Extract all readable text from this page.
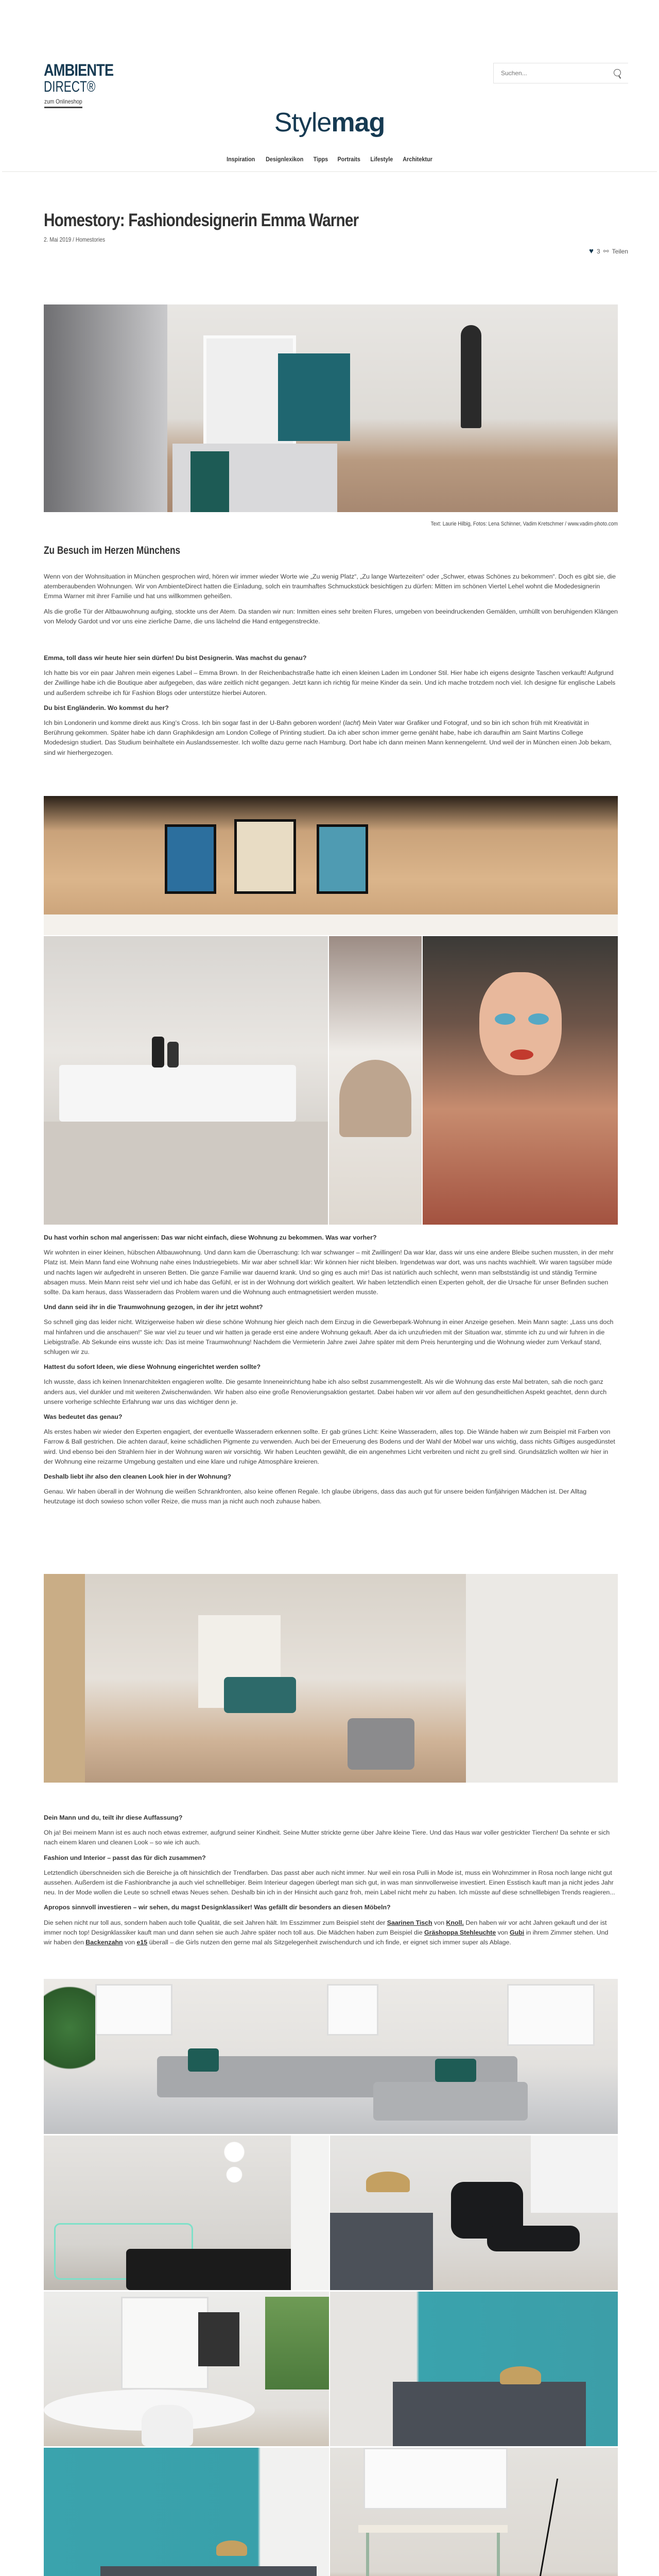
AMBIENTE
DIRECT®
zum Onlineshop
Suchen...
Stylemag
Inspiration Designlexikon Tipps Portraits Lifestyle Architektur
Homestory: Fashiondesignerin Emma Warner
2. Mai 2019 / Homestories
♥ 3 ⚯ Teilen
Text: Laurie Hilbig, Fotos: Lena Schinner, Vadim Kretschmer / www.vadim-photo.com
Zu Besuch im Herzen Münchens

Wenn von der Wohnsituation in München gesprochen wird, hören wir immer wieder Worte wie „Zu wenig Platz“, „Zu lange Wartezeiten“ oder „Schwer, etwas Schönes zu bekommen“. Doch es gibt sie, die atemberaubenden Wohnungen. Wir von AmbienteDirect hatten die Einladung, solch ein traumhaftes Schmuckstück besichtigen zu dürfen: Mitten im schönen Viertel Lehel wohnt die Modedesignerin Emma Warner mit ihrer Familie und hat uns willkommen geheißen.

Als die große Tür der Altbauwohnung aufging, stockte uns der Atem. Da standen wir nun: Inmitten eines sehr breiten Flures, umgeben von beeindruckenden Gemälden, umhüllt von beruhigenden Klängen von Melody Gardot und vor uns eine zierliche Dame, die uns lächelnd die Hand entgegenstreckte.

Emma, toll dass wir heute hier sein dürfen! Du bist Designerin. Was machst du genau?

Ich hatte bis vor ein paar Jahren mein eigenes Label – Emma Brown. In der Reichenbachstraße hatte ich einen kleinen Laden im Londoner Stil. Hier habe ich eigens designte Taschen verkauft! Aufgrund der Zwillinge habe ich die Boutique aber aufgegeben, das wäre zeitlich nicht gegangen. Jetzt kann ich richtig für meine Kinder da sein. Und ich mache trotzdem noch viel. Ich designe für englische Labels und außerdem schreibe ich für Fashion Blogs oder unterstütze hierbei Autoren.

Du bist Engländerin. Wo kommst du her?

Ich bin Londonerin und komme direkt aus King’s Cross. Ich bin sogar fast in der U-Bahn geboren worden! (lacht) Mein Vater war Grafiker und Fotograf, und so bin ich schon früh mit Kreativität in Berührung gekommen. Später habe ich dann Graphikdesign am London College of Printing studiert. Da ich aber schon immer gerne genäht habe, habe ich daraufhin am Saint Martins College Modedesign studiert. Das Studium beinhaltete ein Auslandssemester. Ich wollte dazu gerne nach Hamburg. Dort habe ich dann meinen Mann kennengelernt. Und weil der in München einen Job bekam, sind wir hierhergezogen.

Du hast vorhin schon mal angerissen: Das war nicht einfach, diese Wohnung zu bekommen. Was war vorher?

Wir wohnten in einer kleinen, hübschen Altbauwohnung. Und dann kam die Überraschung: Ich war schwanger – mit Zwillingen! Da war klar, dass wir uns eine andere Bleibe suchen mussten, in der mehr Platz ist. Mein Mann fand eine Wohnung nahe eines Industriegebiets. Mir war aber schnell klar: Wir können hier nicht bleiben. Irgendetwas war dort, was uns nachts wachhielt. Wir waren tagsüber müde und nachts lagen wir aufgedreht in unseren Betten. Die ganze Familie war dauernd krank. Und so ging es auch mir! Das ist natürlich auch schlecht, wenn man selbstständig ist und ständig Termine absagen muss. Mein Mann reist sehr viel und ich habe das Gefühl, er ist in der Wohnung dort wirklich gealtert. Wir haben letztendlich einen Experten geholt, der die Ursache für unser Befinden suchen sollte. Da kam heraus, dass Wasseradern das Problem waren und die Wohnung auch entmagnetisiert werden musste.

Und dann seid ihr in die Traumwohnung gezogen, in der ihr jetzt wohnt?

So schnell ging das leider nicht. Witzigerweise haben wir diese schöne Wohnung hier gleich nach dem Einzug in die Gewerbepark-Wohnung in einer Anzeige gesehen. Mein Mann sagte: „Lass uns doch mal hinfahren und die anschauen!“ Sie war viel zu teuer und wir hatten ja gerade erst eine andere Wohnung gekauft. Aber da ich unzufrieden mit der Situation war, stimmte ich zu und wir fuhren in die Liebigstraße. Ab Sekunde eins wusste ich: Das ist meine Traumwohnung! Nachdem die Vermieterin Jahre zwei Jahre später mit dem Preis herunterging und die Wohnung wieder zum Verkauf stand, schlugen wir zu.

Hattest du sofort Ideen, wie diese Wohnung eingerichtet werden sollte?

Ich wusste, dass ich keinen Innenarchitekten engagieren wollte. Die gesamte Inneneinrichtung habe ich also selbst zusammengestellt. Als wir die Wohnung das erste Mal betraten, sah die noch ganz anders aus, viel dunkler und mit weiteren Zwischenwänden. Wir haben also eine große Renovierungsaktion gestartet. Dabei haben wir vor allem auf den gesundheitlichen Aspekt geachtet, denn durch unsere vorherige schlechte Erfahrung war uns das wichtiger denn je.

Was bedeutet das genau?

Als erstes haben wir wieder den Experten engagiert, der eventuelle Wasseradern erkennen sollte. Er gab grünes Licht: Keine Wasseradern, alles top. Die Wände haben wir zum Beispiel mit Farben von Farrow & Ball gestrichen. Die achten darauf, keine schädlichen Pigmente zu verwenden. Auch bei der Erneuerung des Bodens und der Wahl der Möbel war uns wichtig, dass nichts Giftiges ausgedünstet wird. Und ebenso bei den Strahlern hier in der Wohnung waren wir vorsichtig. Wir haben Leuchten gewählt, die ein angenehmes Licht verbreiten und nicht zu grell sind. Grundsätzlich wollten wir hier in der Wohnung eine reizarme Umgebung gestalten und eine klare und ruhige Atmosphäre kreieren.

Deshalb liebt ihr also den cleanen Look hier in der Wohnung?

Genau. Wir haben überall in der Wohnung die weißen Schrankfronten, also keine offenen Regale. Ich glaube übrigens, dass das auch gut für unsere beiden fünfjährigen Mädchen ist. Der Alltag heutzutage ist doch sowieso schon voller Reize, die muss man ja nicht auch noch zuhause haben.

Dein Mann und du, teilt ihr diese Auffassung?

Oh ja! Bei meinem Mann ist es auch noch etwas extremer, aufgrund seiner Kindheit. Seine Mutter strickte gerne über Jahre kleine Tiere. Und das Haus war voller gestrickter Tierchen! Da sehnte er sich nach einem klaren und cleanen Look – so wie ich auch.

Fashion und Interior – passt das für dich zusammen?

Letztendlich überschneiden sich die Bereiche ja oft hinsichtlich der Trendfarben. Das passt aber auch nicht immer. Nur weil ein rosa Pulli in Mode ist, muss ein Wohnzimmer in Rosa noch lange nicht gut aussehen. Außerdem ist die Fashionbranche ja auch viel schnelllebiger. Beim Interieur dagegen überlegt man sich gut, in was man sinnvollerweise investiert. Einen Esstisch kauft man ja nicht jedes Jahr neu. In der Mode wollen die Leute so schnell etwas Neues sehen. Deshalb bin ich in der Hinsicht auch ganz froh, mein Label nicht mehr zu haben. Ich müsste auf diese schnelllebigen Trends reagieren...

Apropos sinnvoll investieren – wir sehen, du magst Designklassiker! Was gefällt dir besonders an diesen Möbeln?

Die sehen nicht nur toll aus, sondern haben auch tolle Qualität, die seit Jahren hält. Im Esszimmer zum Beispiel steht der Saarinen Tisch von Knoll. Den haben wir vor acht Jahren gekauft und der ist immer noch top! Designklassiker kauft man und dann sehen sie auch Jahre später noch toll aus. Die Mädchen haben zum Beispiel die Gräshoppa Stehleuchte von Gubi in ihrem Zimmer stehen. Und wir haben den Backenzahn von e15 überall – die Girls nutzen den gerne mal als Sitzgelegenheit zwischendurch und ich finde, er eignet sich immer super als Ablage.
